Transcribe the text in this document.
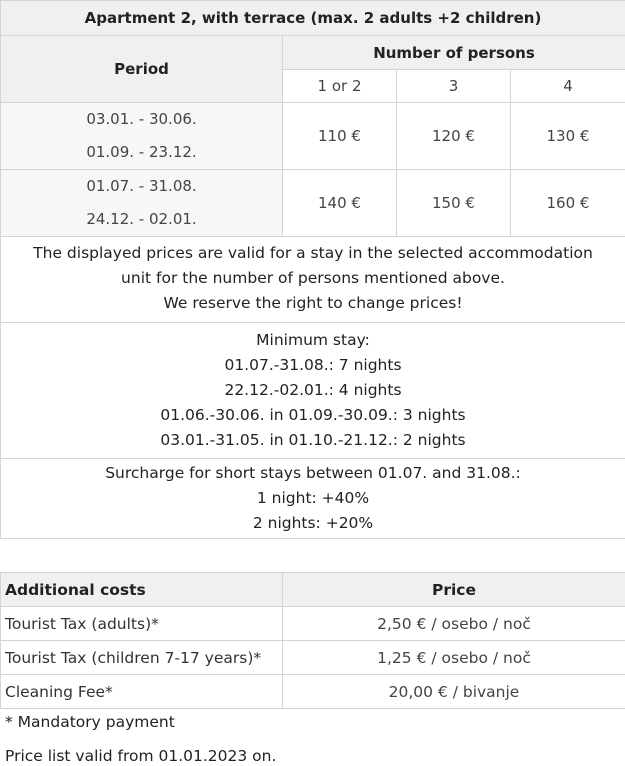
Apartment 2, with terrace (max. 2 adults +2 children)			
Period	Number of persons		
	1 or 2	3	4

03.01. - 30.06.
01.09. - 23.12.	110 €	120 €	130 €

01.07. - 31.08.
24.12. - 02.01.	140 €	150 €	160 €

The displayed prices are valid for a stay in the selected accommodation
unit for the number of persons mentioned above.
We reserve the right to change prices!			

Minimum stay:
01.07.-31.08.: 7 nights
22.12.-02.01.: 4 nights
01.06.-30.06. in 01.09.-30.09.: 3 nights
03.01.-31.05. in 01.10.-21.12.: 2 nights			

Surcharge for short stays between 01.07. and 31.08.:
1 night: +40%
2 nights: +20%			
Additional costs	Price
Tourist Tax (adults)*	2,50 € / osebo / noč
Tourist Tax (children 7-17 years)*	1,25 € / osebo / noč
Cleaning Fee*	20,00 € / bivanje
* Mandatory payment
Price list valid from 01.01.2023 on.
